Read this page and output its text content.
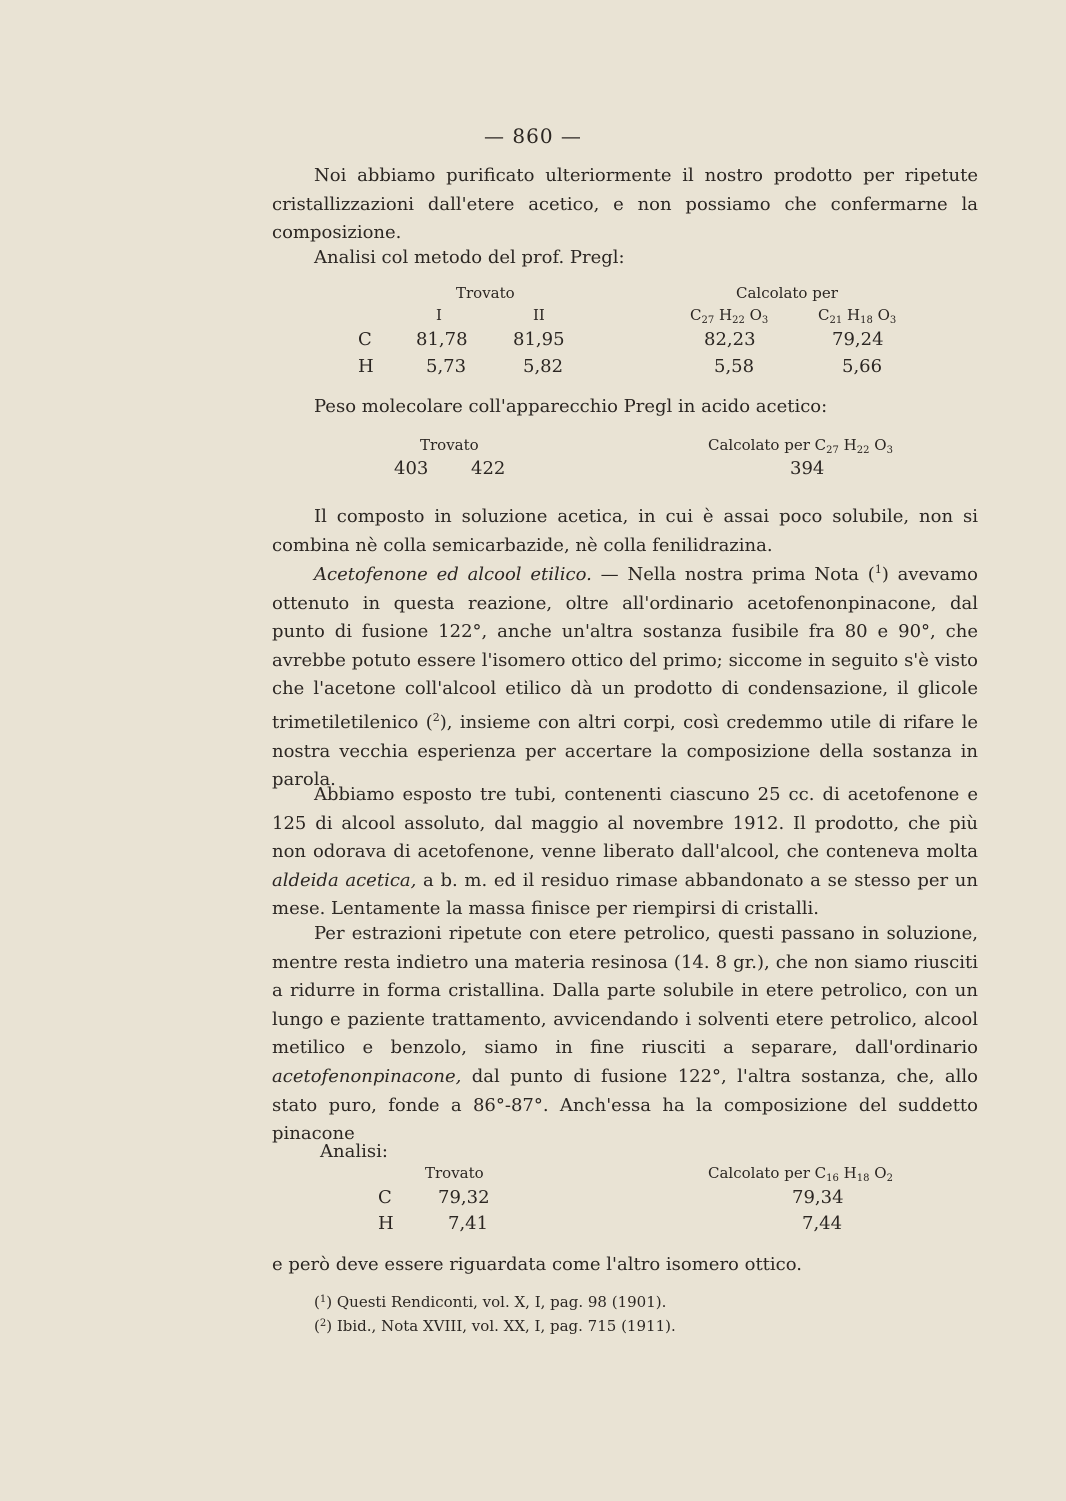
— 860 —

Noi abbiamo purificato ulteriormente il nostro prodotto per ripetute cristallizzazioni dall'etere acetico, e non possiamo che confermarne la composizione.

Analisi col metodo del prof. Pregl:
Trovato	Calcolato per
I	II	$C_{27}$ $H_{22}$ $O_3$	$C_{21}$ $H_{18}$ $O_3$
C 81,78	81,95	82,23	79,24
H	5,73	5,82	5,58	5,66
Peso molecolare coll'apparecchio Pregl in acido acetico:
Trovato	Calcolato per $C_{27}$ $H_{22}$ $O_3$
403 422	394

Il composto in soluzione acetica, in cui è assai poco solubile, non si combina nè colla semicarbazide, nè colla fenilidrazina.

Acetofenone ed alcool etilico. — Nella nostra prima Nota ($^1$) avevamo ottenuto in questa reazione, oltre all'ordinario acetofenonpinacone, dal punto di fusione 122°, anche un'altra sostanza fusibile fra 80 e 90°, che avrebbe potuto essere l'isomero ottico del primo; siccome in seguito s'è visto che l'acetone coll'alcool etilico dà un prodotto di condensazione, il glicole trimetiletilenico ($^2$), insieme con altri corpi, così credemmo utile di rifare le nostra vecchia esperienza per accertare la composizione della sostanza in parola.

Abbiamo esposto tre tubi, contenenti ciascuno 25 cc. di acetofenone e 125 di alcool assoluto, dal maggio al novembre 1912. Il prodotto, che più non odorava di acetofenone, venne liberato dall'alcool, che conteneva molta aldeida acetica, a b. m. ed il residuo rimase abbandonato a se stesso per un mese. Lentamente la massa finisce per riempirsi di cristalli.

Per estrazioni ripetute con etere petrolico, questi passano in soluzione, mentre resta indietro una materia resinosa (14. 8 gr.), che non siamo riusciti a ridurre in forma cristallina. Dalla parte solubile in etere petrolico, con un lungo e paziente trattamento, avvicendando i solventi etere petrolico, alcool metilico e benzolo, siamo in fine riusciti a separare, dall'ordinario acetofenonpinacone, dal punto di fusione 122°, l'altra sostanza, che, allo stato puro, fonde a 86°-87°. Anch'essa ha la composizione del suddetto pinacone

Analisi:
Trovato	Calcolato per $C_{16}$ $H_{18}$ $O_2$
C	79,32	79,34
H	7,41	7,44
e però deve essere riguardata come l'altro isomero ottico.
($^1$) Questi Rendiconti, vol. X, I, pag. 98 (1901).
($^2$) Ibid., Nota XVIII, vol. XX, I, pag. 715 (1911).
